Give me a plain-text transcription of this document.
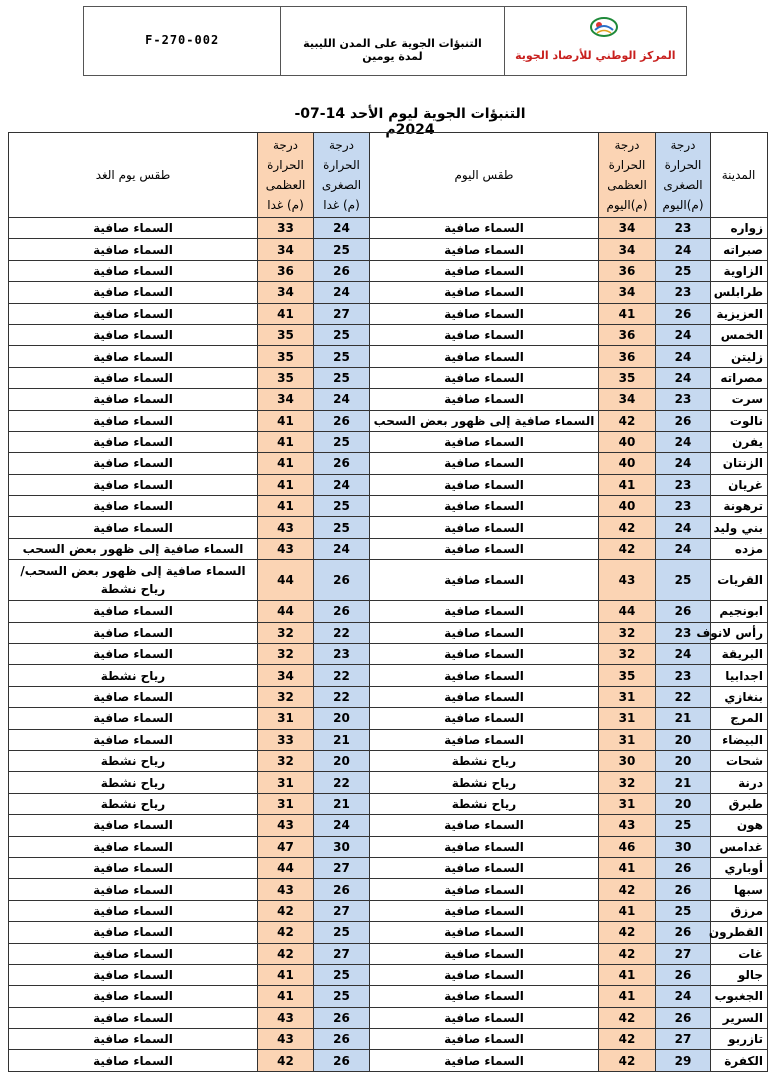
F-270-002	التنبؤات الجوية على المدن الليبية
لمدة يومين	المركز الوطني للأرصاد الجوية
التنبؤات الجوية ليوم الأحد 14-07-2024م
المدينة	درجة الحرارة الصغرى (م)اليوم	درجة الحرارة العظمى (م)اليوم	طقس اليوم	درجة الحرارة الصغرى (م) غدا	درجة الحرارة العظمى (م) غدا	طقس يوم الغد
زواره	23	34	السماء صافية	24	33	السماء صافية
صبراته	24	34	السماء صافية	25	34	السماء صافية
الزاوية	25	36	السماء صافية	26	36	السماء صافية
طرابلس	23	34	السماء صافية	24	34	السماء صافية
العزيزية	26	41	السماء صافية	27	41	السماء صافية
الخمس	24	36	السماء صافية	25	35	السماء صافية
زليتن	24	36	السماء صافية	25	35	السماء صافية
مصراته	24	35	السماء صافية	25	35	السماء صافية
سرت	23	34	السماء صافية	24	34	السماء صافية
نالوت	26	42	السماء صافية إلى ظهور بعض السحب	26	41	السماء صافية
يفرن	24	40	السماء صافية	25	41	السماء صافية
الزنتان	24	40	السماء صافية	26	41	السماء صافية
غريان	23	41	السماء صافية	24	41	السماء صافية
ترهونة	23	40	السماء صافية	25	41	السماء صافية
بني وليد	24	42	السماء صافية	25	43	السماء صافية
مزده	24	42	السماء صافية	24	43	السماء صافية إلى ظهور بعض السحب
القريات	25	43	السماء صافية	26	44	السماء صافية إلى ظهور بعض السحب/رياح نشطة
ابونجيم	26	44	السماء صافية	26	44	السماء صافية
رأس لانوف	23	32	السماء صافية	22	32	السماء صافية
البريقة	24	32	السماء صافية	23	32	السماء صافية
اجدابيا	23	35	السماء صافية	22	34	رياح نشطة
بنغازي	22	31	السماء صافية	22	32	السماء صافية
المرج	21	31	السماء صافية	20	31	السماء صافية
البيضاء	20	31	السماء صافية	21	33	السماء صافية
شحات	20	30	رياح نشطة	20	32	رياح نشطة
درنة	21	32	رياح نشطة	22	31	رياح نشطة
طبرق	20	31	رياح نشطة	21	31	رياح نشطة
هون	25	43	السماء صافية	24	43	السماء صافية
غدامس	30	46	السماء صافية	30	47	السماء صافية
أوباري	26	41	السماء صافية	27	44	السماء صافية
سبها	26	42	السماء صافية	26	43	السماء صافية
مرزق	25	41	السماء صافية	27	42	السماء صافية
القطرون	26	42	السماء صافية	25	42	السماء صافية
غات	27	42	السماء صافية	27	42	السماء صافية
جالو	26	41	السماء صافية	25	41	السماء صافية
الجغبوب	24	41	السماء صافية	25	41	السماء صافية
السرير	26	42	السماء صافية	26	43	السماء صافية
تازربو	27	42	السماء صافية	26	43	السماء صافية
الكفرة	29	42	السماء صافية	26	42	السماء صافية
